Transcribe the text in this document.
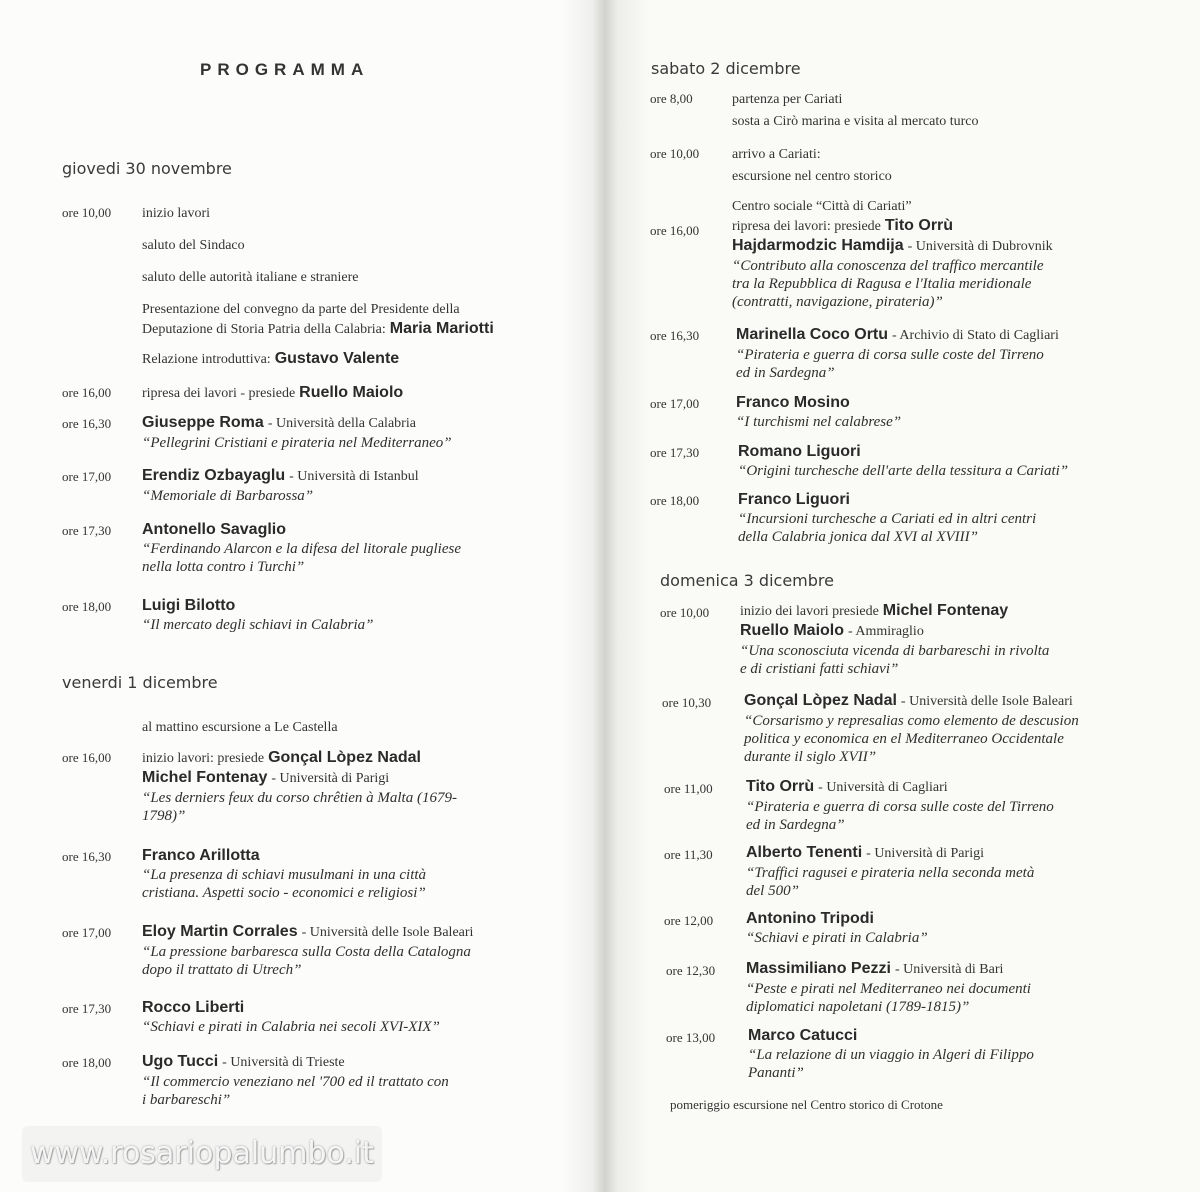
PROGRAMMA
giovedi 30 novembre
ore 10,00 inizio lavori
saluto del Sindaco
saluto delle autorità italiane e straniere
Presentazione del convegno da parte del Presidente della
Deputazione di Storia Patria della Calabria: Maria Mariotti
Relazione introduttiva: Gustavo Valente
ore 16,00 ripresa dei lavori - presiede Ruello Maiolo
ore 16,30 Giuseppe Roma - Università della Calabria
“Pellegrini Cristiani e pirateria nel Mediterraneo”
ore 17,00 Erendiz Ozbayaglu - Università di Istanbul
“Memoriale di Barbarossa”
ore 17,30 Antonello Savaglio
“Ferdinando Alarcon e la difesa del litorale pugliese
nella lotta contro i Turchi”
ore 18,00 Luigi Bilotto
“Il mercato degli schiavi in Calabria”
venerdi 1 dicembre
al mattino escursione a Le Castella
ore 16,00 inizio lavori: presiede Gonçal Lòpez Nadal
Michel Fontenay - Università di Parigi
“Les derniers feux du corso chrêtien à Malta (1679-
1798)”
ore 16,30 Franco Arillotta
“La presenza di schiavi musulmani in una città
cristiana. Aspetti socio - economici e religiosi”
ore 17,00 Eloy Martin Corrales - Università delle Isole Baleari
“La pressione barbaresca sulla Costa della Catalogna
dopo il trattato di Utrech”
ore 17,30 Rocco Liberti
“Schiavi e pirati in Calabria nei secoli XVI-XIX”
ore 18,00 Ugo Tucci - Università di Trieste
“Il commercio veneziano nel '700 ed il trattato con
i barbareschi”
sabato 2 dicembre
ore 8,00	partenza per Cariati
sosta a Cirò marina e visita al mercato turco
ore 10,00 arrivo a Cariati:
escursione nel centro storico
ore 16,00
Centro sociale “Città di Cariati”
ripresa dei lavori: presiede Tito Orrù
Hajdarmodzic Hamdija - Università di Dubrovnik
“Contributo alla conoscenza del traffico mercantile
tra la Repubblica di Ragusa e l'Italia meridionale
(contratti, navigazione, pirateria)”
ore 16,30 Marinella Coco Ortu - Archivio di Stato di Cagliari
“Pirateria e guerra di corsa sulle coste del Tirreno
ed in Sardegna”
ore 17,00 Franco Mosino
“I turchismi nel calabrese”
ore 17,30 Romano Liguori
“Origini turchesche dell'arte della tessitura a Cariati”
ore 18,00 Franco Liguori
“Incursioni turchesche a Cariati ed in altri centri
della Calabria jonica dal XVI al XVIII”
domenica 3 dicembre
ore 10,00 inizio dei lavori presiede Michel Fontenay
Ruello Maiolo - Ammiraglio
“Una sconosciuta vicenda di barbareschi in rivolta
e di cristiani fatti schiavi”
ore 10,30 Gonçal Lòpez Nadal - Università delle Isole Baleari
“Corsarismo y represalias como elemento de descusion
politica y economica en el Mediterraneo Occidentale
durante il siglo XVII”
ore 11,00 Tito Orrù - Università di Cagliari
“Pirateria e guerra di corsa sulle coste del Tirreno
ed in Sardegna”
ore 11,30 Alberto Tenenti - Università di Parigi
“Traffici ragusei e pirateria nella seconda metà
del 500”
ore 12,00 Antonino Tripodi
“Schiavi e pirati in Calabria”
ore 12,30 Massimiliano Pezzi - Università di Bari
“Peste e pirati nel Mediterraneo nei documenti
diplomatici napoletani (1789-1815)”
ore 13,00 Marco Catucci
“La relazione di un viaggio in Algeri di Filippo
Pananti”
pomeriggio escursione nel Centro storico di Crotone
www.rosariopalumbo.it
